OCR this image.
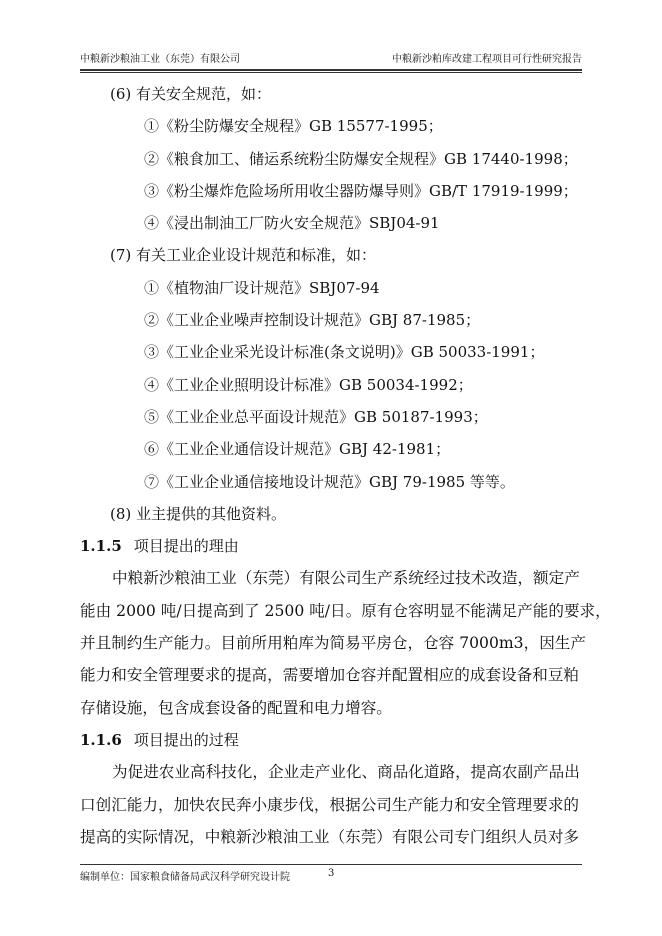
中粮新沙粮油工业（东莞）有限公司	中粮新沙粕库改建工程项目可行性研究报告
(6) 有关安全规范，如：
①《粉尘防爆安全规程》GB 15577-1995；
②《粮食加工、储运系统粉尘防爆安全规程》GB 17440-1998；
③《粉尘爆炸危险场所用收尘器防爆导则》GB/T 17919-1999；
④《浸出制油工厂防火安全规范》SBJ04-91
(7) 有关工业企业设计规范和标准，如：
①《植物油厂设计规范》SBJ07-94
②《工业企业噪声控制设计规范》GBJ 87-1985；
③《工业企业采光设计标准(条文说明)》GB 50033-1991；
④《工业企业照明设计标准》GB 50034-1992；
⑤《工业企业总平面设计规范》GB 50187-1993；
⑥《工业企业通信设计规范》GBJ 42-1981；
⑦《工业企业通信接地设计规范》GBJ 79-1985 等等。
(8) 业主提供的其他资料。
1.1.5 项目提出的理由
中粮新沙粮油工业（东莞）有限公司生产系统经过技术改造，额定产
能由 2000 吨/日提高到了 2500 吨/日。原有仓容明显不能满足产能的要求，
并且制约生产能力。目前所用粕库为简易平房仓，仓容 7000m3，因生产
能力和安全管理要求的提高，需要增加仓容并配置相应的成套设备和豆粕
存储设施，包含成套设备的配置和电力增容。
1.1.6 项目提出的过程
为促进农业高科技化，企业走产业化、商品化道路，提高农副产品出
口创汇能力，加快农民奔小康步伐，根据公司生产能力和安全管理要求的
提高的实际情况，中粮新沙粮油工业（东莞）有限公司专门组织人员对多
编制单位：国家粮食储备局武汉科学研究设计院	3
